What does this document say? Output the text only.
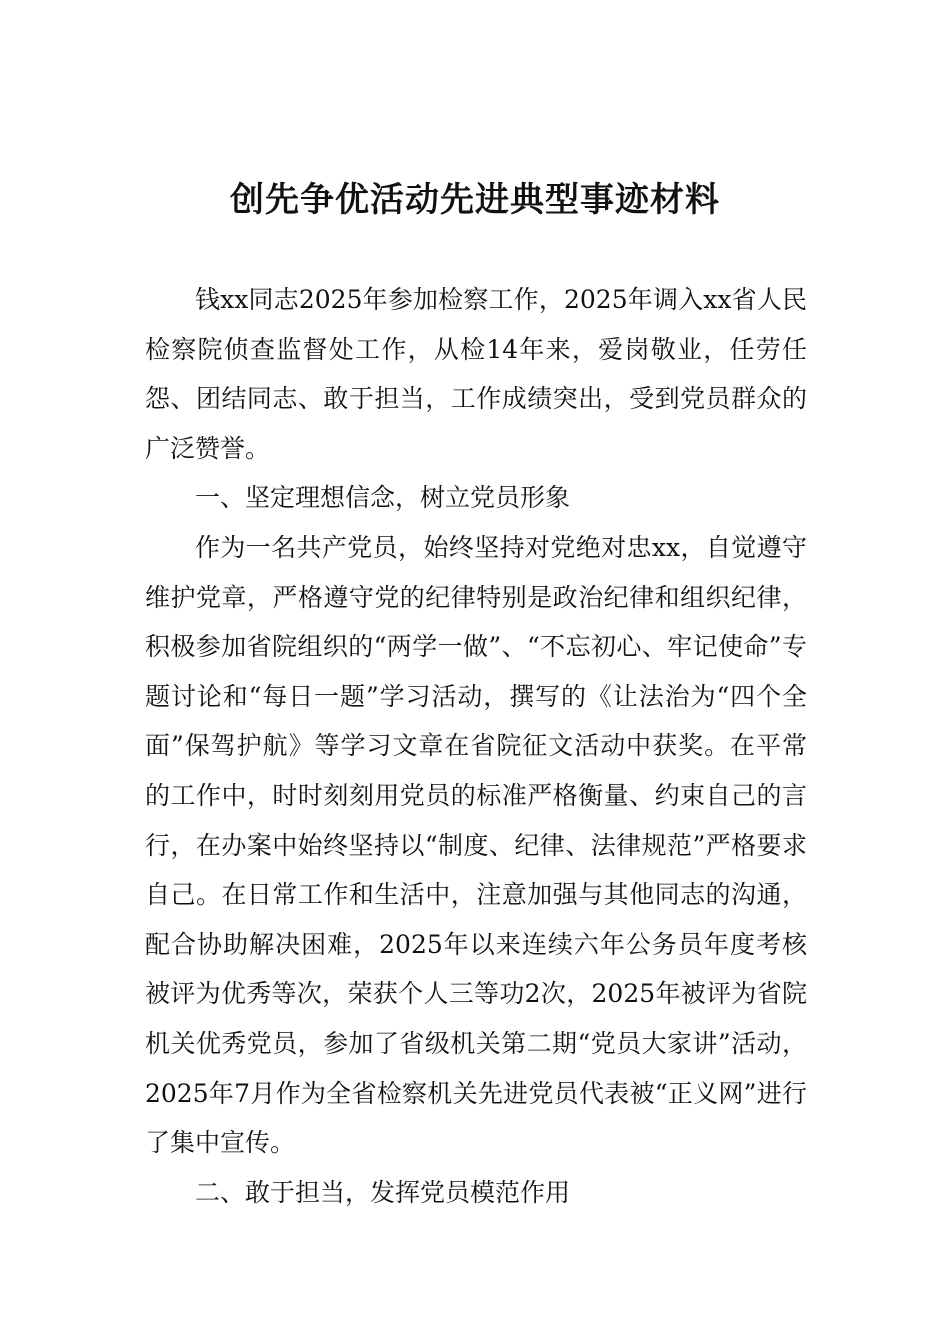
创先争优活动先进典型事迹材料

钱xx同志2025年参加检察工作，2025年调入xx省人民检察院侦查监督处工作，从检14年来，爱岗敬业，任劳任怨、团结同志、敢于担当，工作成绩突出，受到党员群众的广泛赞誉。

一、坚定理想信念，树立党员形象

作为一名共产党员，始终坚持对党绝对忠xx，自觉遵守维护党章，严格遵守党的纪律特别是政治纪律和组织纪律，积极参加省院组织的“两学一做”、“不忘初心、牢记使命”专题讨论和“每日一题”学习活动，撰写的《让法治为“四个全面”保驾护航》等学习文章在省院征文活动中获奖。在平常的工作中，时时刻刻用党员的标准严格衡量、约束自己的言行，在办案中始终坚持以“制度、纪律、法律规范”严格要求自己。在日常工作和生活中，注意加强与其他同志的沟通，配合协助解决困难，2025年以来连续六年公务员年度考核被评为优秀等次，荣获个人三等功2次，2025年被评为省院机关优秀党员，参加了省级机关第二期“党员大家讲”活动，2025年7月作为全省检察机关先进党员代表被“正义网”进行了集中宣传。

二、敢于担当，发挥党员模范作用
